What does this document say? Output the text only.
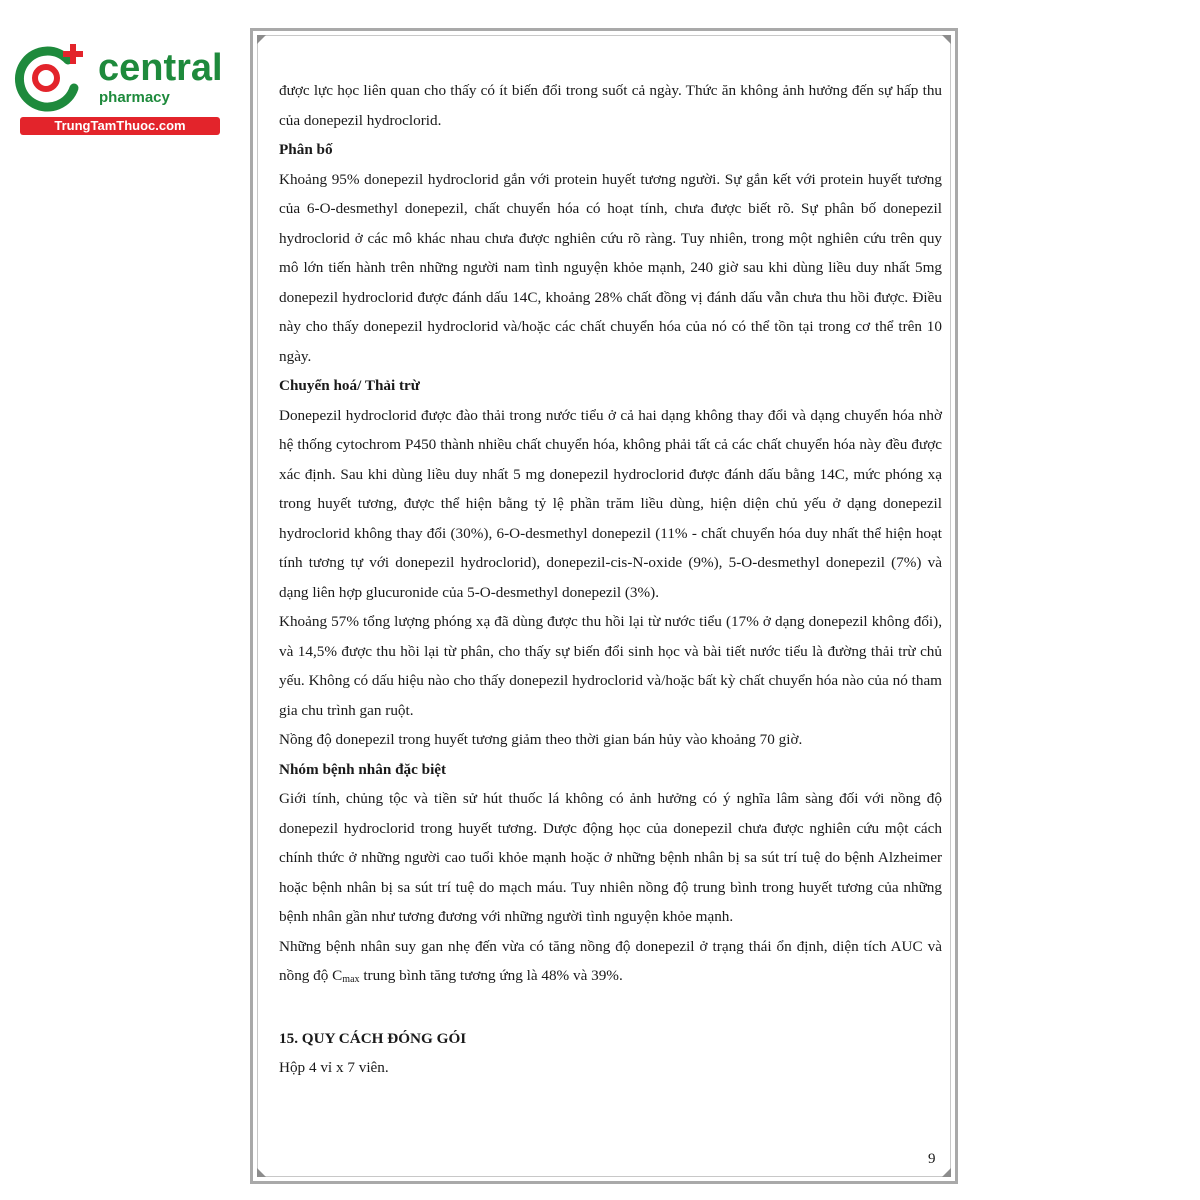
central
pharmacy
TrungTamThuoc.com

được lực học liên quan cho thấy có ít biến đổi trong suốt cả ngày. Thức ăn không ảnh hưởng đến sự hấp thu của donepezil hydroclorid.

Phân bố

Khoảng 95% donepezil hydroclorid gắn với protein huyết tương người. Sự gắn kết với protein huyết tương của 6-O-desmethyl donepezil, chất chuyển hóa có hoạt tính, chưa được biết rõ. Sự phân bố donepezil hydroclorid ở các mô khác nhau chưa được nghiên cứu rõ ràng. Tuy nhiên, trong một nghiên cứu trên quy mô lớn tiến hành trên những người nam tình nguyện khỏe mạnh, 240 giờ sau khi dùng liều duy nhất 5mg donepezil hydroclorid được đánh dấu 14C, khoảng 28% chất đồng vị đánh dấu vẫn chưa thu hồi được. Điều này cho thấy donepezil hydroclorid và/hoặc các chất chuyển hóa của nó có thể tồn tại trong cơ thể trên 10 ngày.

Chuyển hoá/ Thải trừ

Donepezil hydroclorid được đào thải trong nước tiểu ở cả hai dạng không thay đổi và dạng chuyển hóa nhờ hệ thống cytochrom P450 thành nhiều chất chuyển hóa, không phải tất cả các chất chuyển hóa này đều được xác định. Sau khi dùng liều duy nhất 5 mg donepezil hydroclorid được đánh dấu bằng 14C, mức phóng xạ trong huyết tương, được thể hiện bằng tỷ lệ phần trăm liều dùng, hiện diện chủ yếu ở dạng donepezil hydroclorid không thay đổi (30%), 6-O-desmethyl donepezil (11% - chất chuyển hóa duy nhất thể hiện hoạt tính tương tự với donepezil hydroclorid), donepezil-cis-N-oxide (9%), 5-O-desmethyl donepezil (7%) và dạng liên hợp glucuronide của 5-O-desmethyl donepezil (3%).

Khoảng 57% tổng lượng phóng xạ đã dùng được thu hồi lại từ nước tiểu (17% ở dạng donepezil không đổi), và 14,5% được thu hồi lại từ phân, cho thấy sự biến đổi sinh học và bài tiết nước tiểu là đường thải trừ chủ yếu. Không có dấu hiệu nào cho thấy donepezil hydroclorid và/hoặc bất kỳ chất chuyển hóa nào của nó tham gia chu trình gan ruột.

Nồng độ donepezil trong huyết tương giảm theo thời gian bán hủy vào khoảng 70 giờ.

Nhóm bệnh nhân đặc biệt

Giới tính, chủng tộc và tiền sử hút thuốc lá không có ảnh hưởng có ý nghĩa lâm sàng đối với nồng độ donepezil hydroclorid trong huyết tương. Dược động học của donepezil chưa được nghiên cứu một cách chính thức ở những người cao tuổi khỏe mạnh hoặc ở những bệnh nhân bị sa sút trí tuệ do bệnh Alzheimer hoặc bệnh nhân bị sa sút trí tuệ do mạch máu. Tuy nhiên nồng độ trung bình trong huyết tương của những bệnh nhân gần như tương đương với những người tình nguyện khỏe mạnh.

Những bệnh nhân suy gan nhẹ đến vừa có tăng nồng độ donepezil ở trạng thái ổn định, diện tích AUC và nồng độ $C_{max}$ trung bình tăng tương ứng là 48% và 39%.

15. QUY CÁCH ĐÓNG GÓI

Hộp 4 vỉ x 7 viên.

9
